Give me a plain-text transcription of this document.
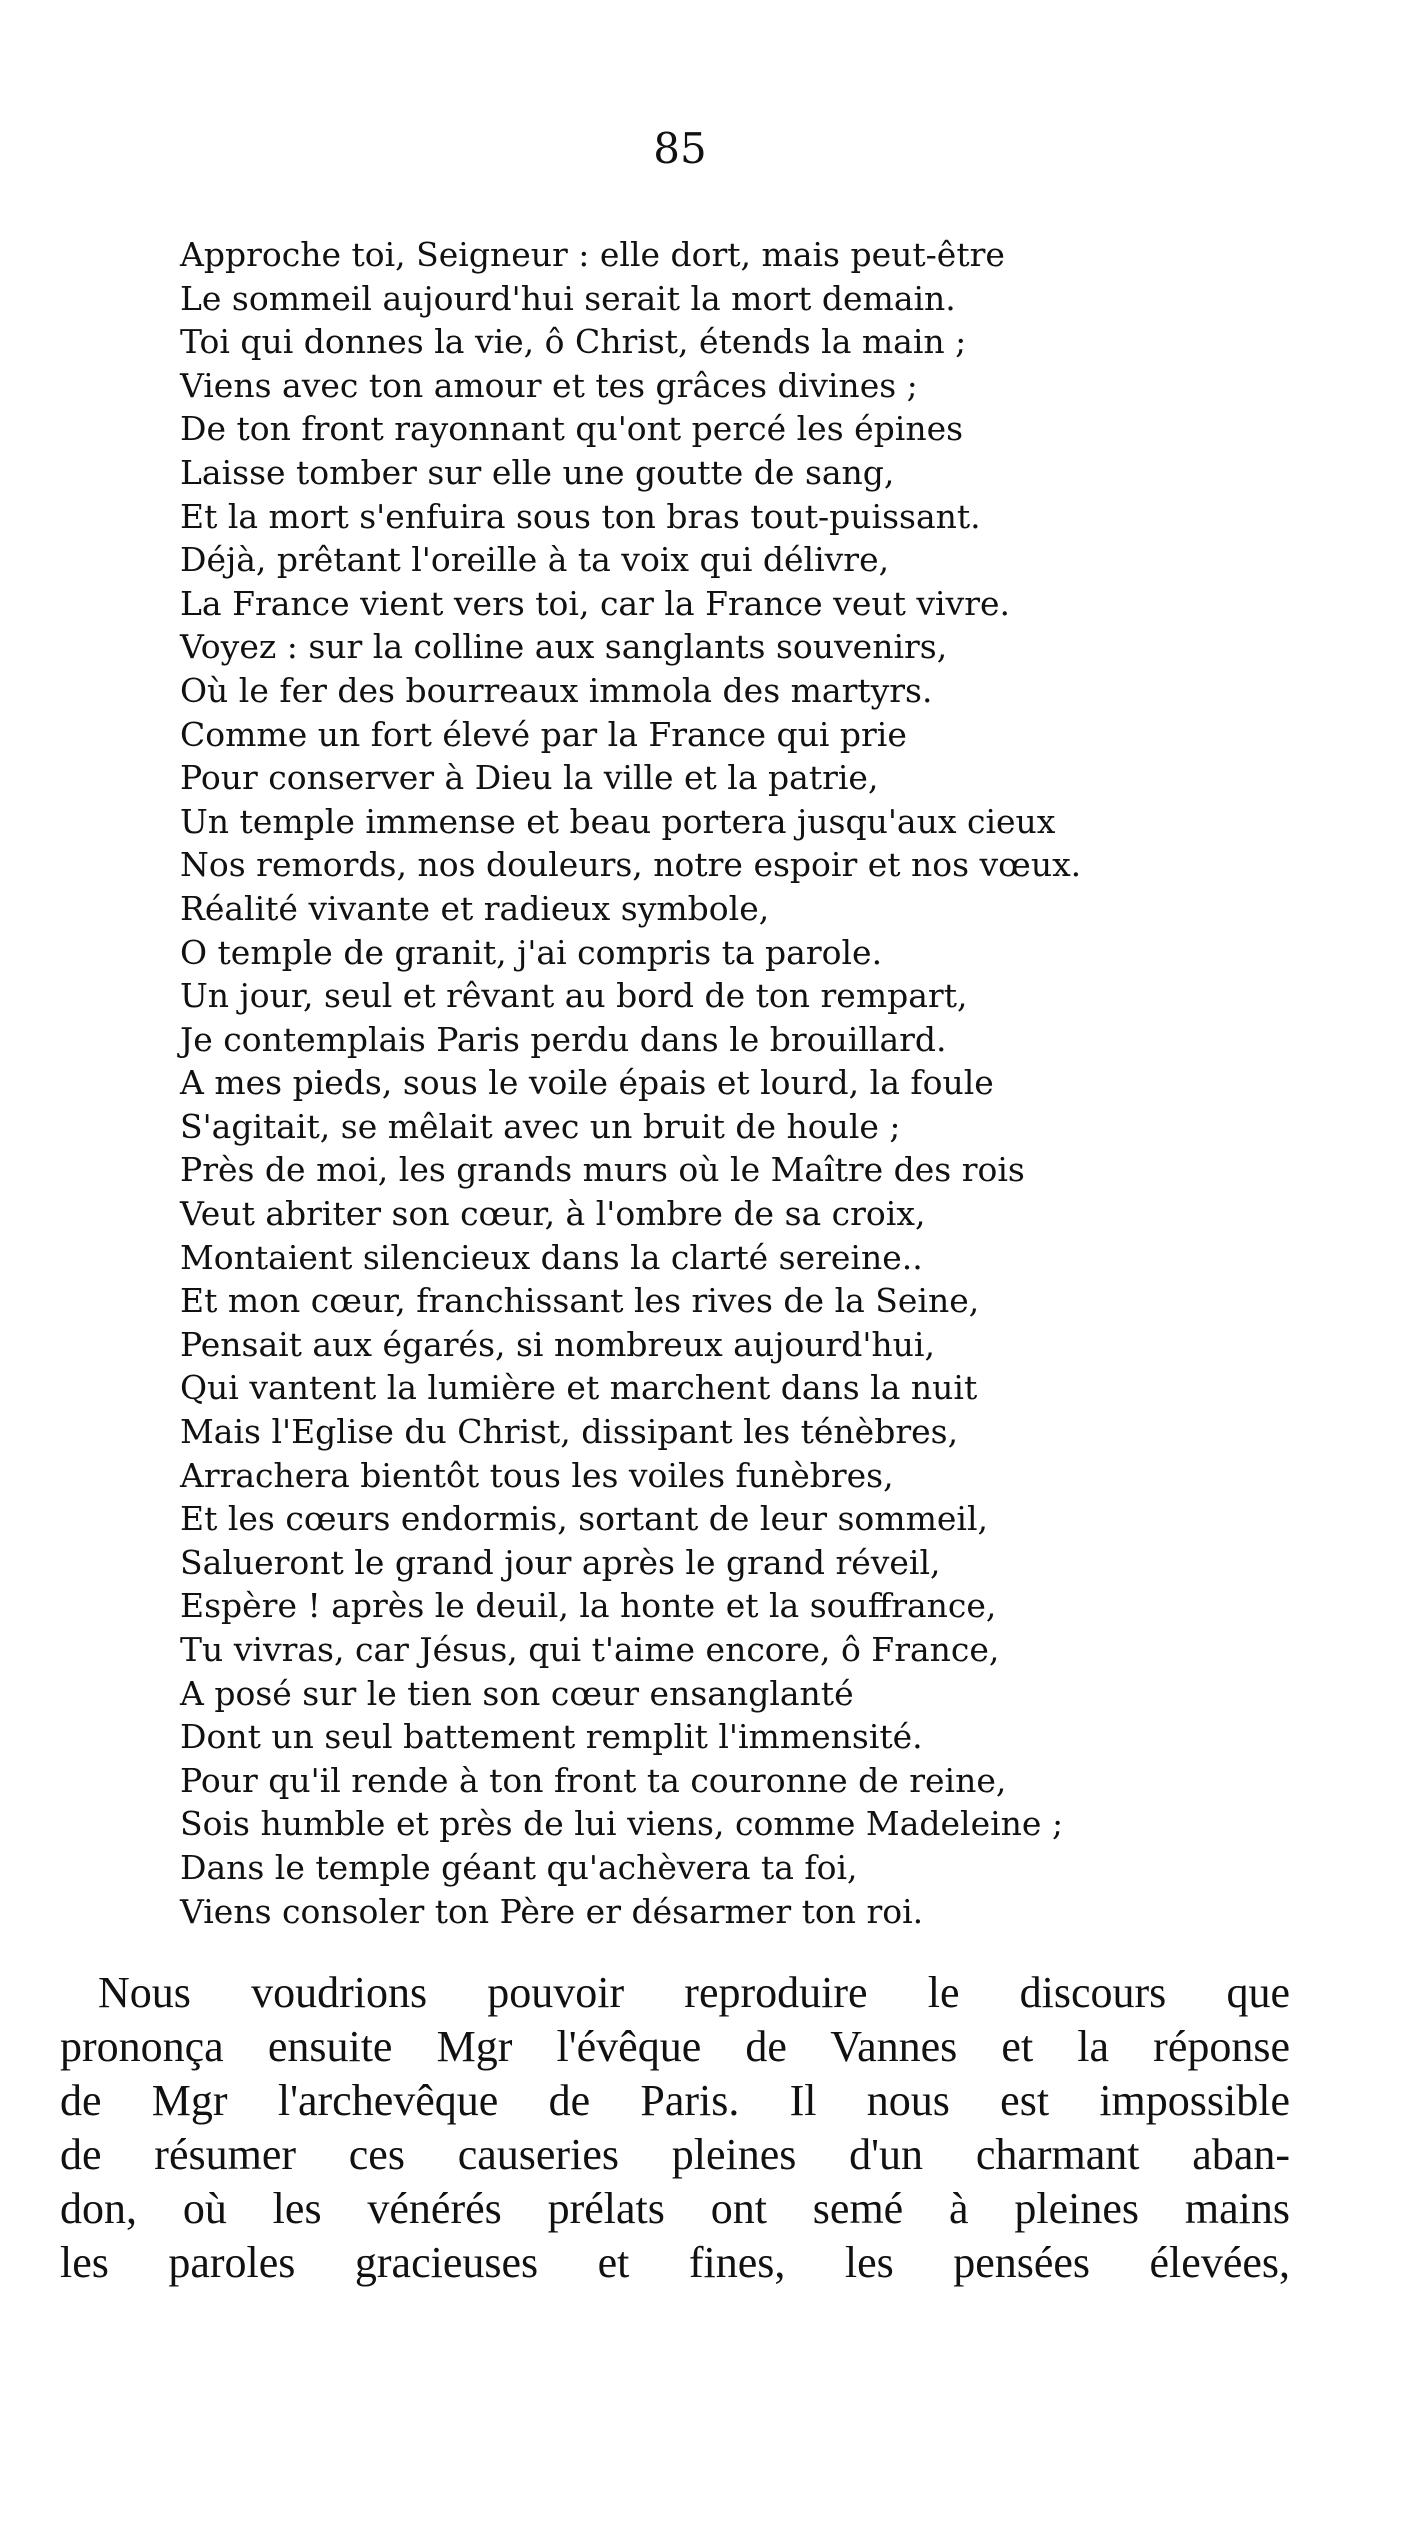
85
Approche toi, Seigneur : elle dort, mais peut-être
Le sommeil aujourd'hui serait la mort demain.
Toi qui donnes la vie, ô Christ, étends la main ;
Viens avec ton amour et tes grâces divines ;
De ton front rayonnant qu'ont percé les épines
Laisse tomber sur elle une goutte de sang,
Et la mort s'enfuira sous ton bras tout-puissant.
Déjà, prêtant l'oreille à ta voix qui délivre,
La France vient vers toi, car la France veut vivre.
Voyez : sur la colline aux sanglants souvenirs,
Où le fer des bourreaux immola des martyrs.
Comme un fort élevé par la France qui prie
Pour conserver à Dieu la ville et la patrie,
Un temple immense et beau portera jusqu'aux cieux
Nos remords, nos douleurs, notre espoir et nos vœux.
Réalité vivante et radieux symbole,
O temple de granit, j'ai compris ta parole.
Un jour, seul et rêvant au bord de ton rempart,
Je contemplais Paris perdu dans le brouillard.
A mes pieds, sous le voile épais et lourd, la foule
S'agitait, se mêlait avec un bruit de houle ;
Près de moi, les grands murs où le Maître des rois
Veut abriter son cœur, à l'ombre de sa croix,
Montaient silencieux dans la clarté sereine..
Et mon cœur, franchissant les rives de la Seine,
Pensait aux égarés, si nombreux aujourd'hui,
Qui vantent la lumière et marchent dans la nuit
Mais l'Eglise du Christ, dissipant les ténèbres,
Arrachera bientôt tous les voiles funèbres,
Et les cœurs endormis, sortant de leur sommeil,
Salueront le grand jour après le grand réveil,
Espère ! après le deuil, la honte et la souffrance,
Tu vivras, car Jésus, qui t'aime encore, ô France,
A posé sur le tien son cœur ensanglanté
Dont un seul battement remplit l'immensité.
Pour qu'il rende à ton front ta couronne de reine,
Sois humble et près de lui viens, comme Madeleine ;
Dans le temple géant qu'achèvera ta foi,
Viens consoler ton Père er désarmer ton roi.
Nous voudrions pouvoir reproduire le discours que
prononça ensuite Mgr l'évêque de Vannes et la réponse
de Mgr l'archevêque de Paris. Il nous est impossible
de résumer ces causeries pleines d'un charmant aban-
don, où les vénérés prélats ont semé à pleines mains
les paroles gracieuses et fines, les pensées élevées,
